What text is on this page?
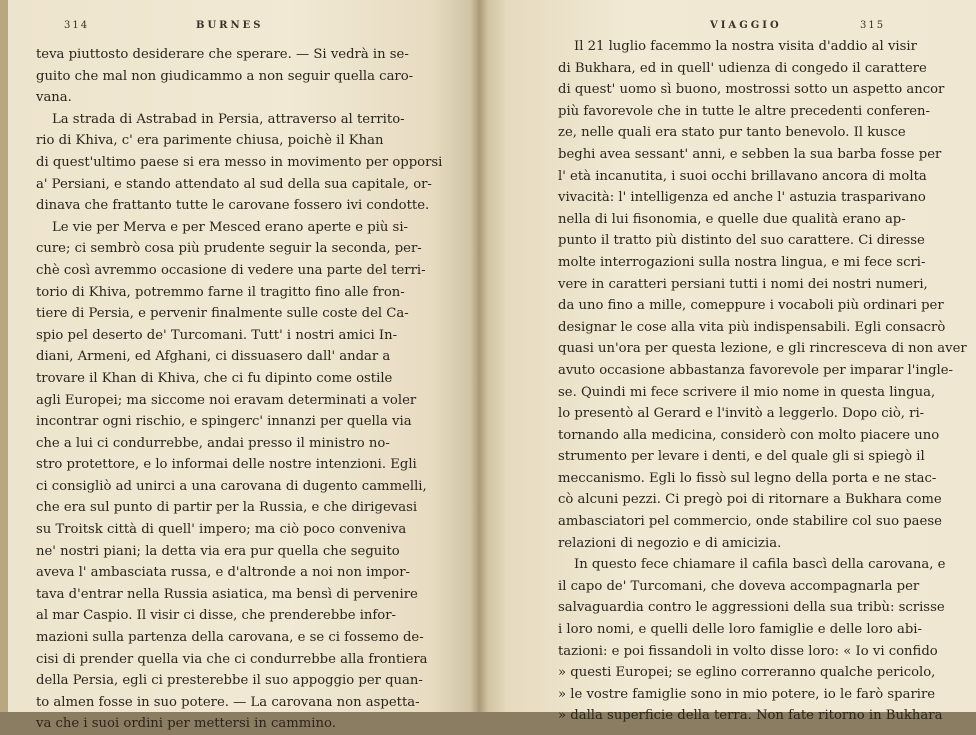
314	BURNES
teva piuttosto desiderare che sperare. — Si vedrà in se-
guito che mal non giudicammo a non seguir quella caro-
vana.
La strada di Astrabad in Persia, attraverso al territo-
rio di Khiva, c' era parimente chiusa, poichè il Khan
di quest'ultimo paese si era messo in movimento per opporsi
a' Persiani, e stando attendato al sud della sua capitale, or-
dinava che frattanto tutte le carovane fossero ivi condotte.
Le vie per Merva e per Mesced erano aperte e più si-
cure; ci sembrò cosa più prudente seguir la seconda, per-
chè così avremmo occasione di vedere una parte del terri-
torio di Khiva, potremmo farne il tragitto fino alle fron-
tiere di Persia, e pervenir finalmente sulle coste del Ca-
spio pel deserto de' Turcomani. Tutt' i nostri amici In-
diani, Armeni, ed Afghani, ci dissuasero dall' andar a
trovare il Khan di Khiva, che ci fu dipinto come ostile
agli Europei; ma siccome noi eravam determinati a voler
incontrar ogni rischio, e spingerc' innanzi per quella via
che a lui ci condurrebbe, andai presso il ministro no-
stro protettore, e lo informai delle nostre intenzioni. Egli
ci consigliò ad unirci a una carovana di dugento cammelli,
che era sul punto di partir per la Russia, e che dirigevasi
su Troitsk città di quell' impero; ma ciò poco conveniva
ne' nostri piani; la detta via era pur quella che seguito
aveva l' ambasciata russa, e d'altronde a noi non impor-
tava d'entrar nella Russia asiatica, ma bensì di pervenire
al mar Caspio. Il visir ci disse, che prenderebbe infor-
mazioni sulla partenza della carovana, e se ci fossemo de-
cisi di prender quella via che ci condurrebbe alla frontiera
della Persia, egli ci presterebbe il suo appoggio per quan-
to almen fosse in suo potere. — La carovana non aspetta-
va che i suoi ordini per mettersi in cammino.
VIAGGIO	315
Il 21 luglio facemmo la nostra visita d'addio al visir
di Bukhara, ed in quell' udienza di congedo il carattere
di quest' uomo sì buono, mostrossi sotto un aspetto ancor
più favorevole che in tutte le altre precedenti conferen-
ze, nelle quali era stato pur tanto benevolo. Il kusce
beghi avea sessant' anni, e sebben la sua barba fosse per
l' età incanutita, i suoi occhi brillavano ancora di molta
vivacità: l' intelligenza ed anche l' astuzia trasparivano
nella di lui fisonomia, e quelle due qualità erano ap-
punto il tratto più distinto del suo carattere. Ci diresse
molte interrogazioni sulla nostra lingua, e mi fece scri-
vere in caratteri persiani tutti i nomi dei nostri numeri,
da uno fino a mille, comeppure i vocaboli più ordinari per
designar le cose alla vita più indispensabili. Egli consacrò
quasi un'ora per questa lezione, e gli rincresceva di non aver
avuto occasione abbastanza favorevole per imparar l'ingle-
se. Quindi mi fece scrivere il mio nome in questa lingua,
lo presentò al Gerard e l'invitò a leggerlo. Dopo ciò, ri-
tornando alla medicina, considerò con molto piacere uno
strumento per levare i denti, e del quale gli si spiegò il
meccanismo. Egli lo fissò sul legno della porta e ne stac-
cò alcuni pezzi. Ci pregò poi di ritornare a Bukhara come
ambasciatori pel commercio, onde stabilire col suo paese
relazioni di negozio e di amicizia.
In questo fece chiamare il cafila bascì della carovana, e
il capo de' Turcomani, che doveva accompagnarla per
salvaguardia contro le aggressioni della sua tribù: scrisse
i loro nomi, e quelli delle loro famiglie e delle loro abi-
tazioni: e poi fissandoli in volto disse loro: « Io vi confido
» questi Europei; se eglino correranno qualche pericolo,
» le vostre famiglie sono in mio potere, io le farò sparire
» dalla superficie della terra. Non fate ritorno in Bukhara
